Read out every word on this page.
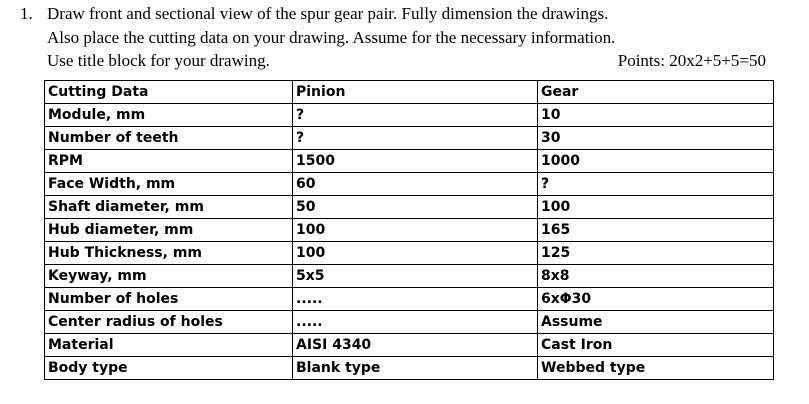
1. Draw front and sectional view of the spur gear pair. Fully dimension the drawings.
Also place the cutting data on your drawing. Assume for the necessary information.
Use title block for your drawing.	Points: 20x2+5+5=50
Cutting Data	Pinion	Gear
Module, mm	?	10
Number of teeth	?	30
RPM	1500	1000
Face Width, mm	60	?
Shaft diameter, mm	50	100
Hub diameter, mm	100	165
Hub Thickness, mm	100	125
Keyway, mm	5x5	8x8
Number of holes	.....	6xΦ30
Center radius of holes	.....	Assume
Material	AISI 4340	Cast Iron
Body type	Blank type	Webbed type
